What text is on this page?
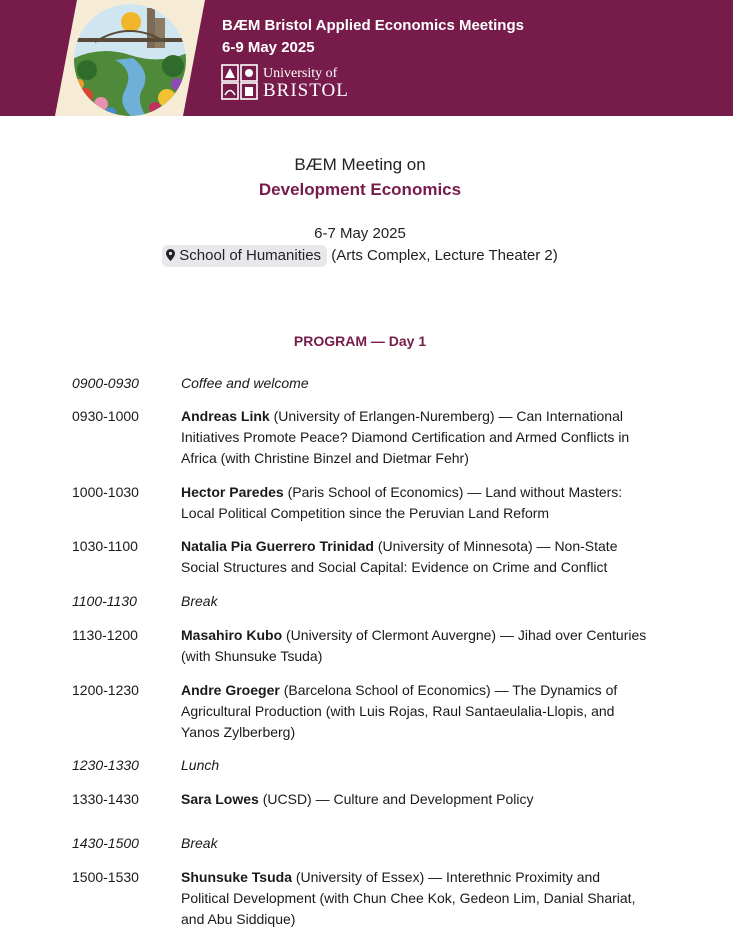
BÆM Bristol Applied Economics Meetings
6-9 May 2025
University of
BRISTOL
BÆM Meeting on
Development Economics
6-7 May 2025
School of Humanities (Arts Complex, Lecture Theater 2)
PROGRAM — Day 1
0900-0930	Coffee and welcome
0930-1000	Andreas Link (University of Erlangen-Nuremberg) — Can International Initiatives Promote Peace? Diamond Certification and Armed Conflicts in Africa (with Christine Binzel and Dietmar Fehr)
1000-1030	Hector Paredes (Paris School of Economics) — Land without Masters: Local Political Competition since the Peruvian Land Reform
1030-1100	Natalia Pia Guerrero Trinidad (University of Minnesota) — Non-State Social Structures and Social Capital: Evidence on Crime and Conflict
1100-1130	Break
1130-1200	Masahiro Kubo (University of Clermont Auvergne) — Jihad over Centuries (with Shunsuke Tsuda)
1200-1230	Andre Groeger (Barcelona School of Economics) — The Dynamics of Agricultural Production (with Luis Rojas, Raul Santaeulalia-Llopis, and Yanos Zylberberg)
1230-1330	Lunch
1330-1430	Sara Lowes (UCSD) — Culture and Development Policy
1430-1500	Break
1500-1530	Shunsuke Tsuda (University of Essex) — Interethnic Proximity and Political Development (with Chun Chee Kok, Gedeon Lim, Danial Shariat, and Abu Siddique)
